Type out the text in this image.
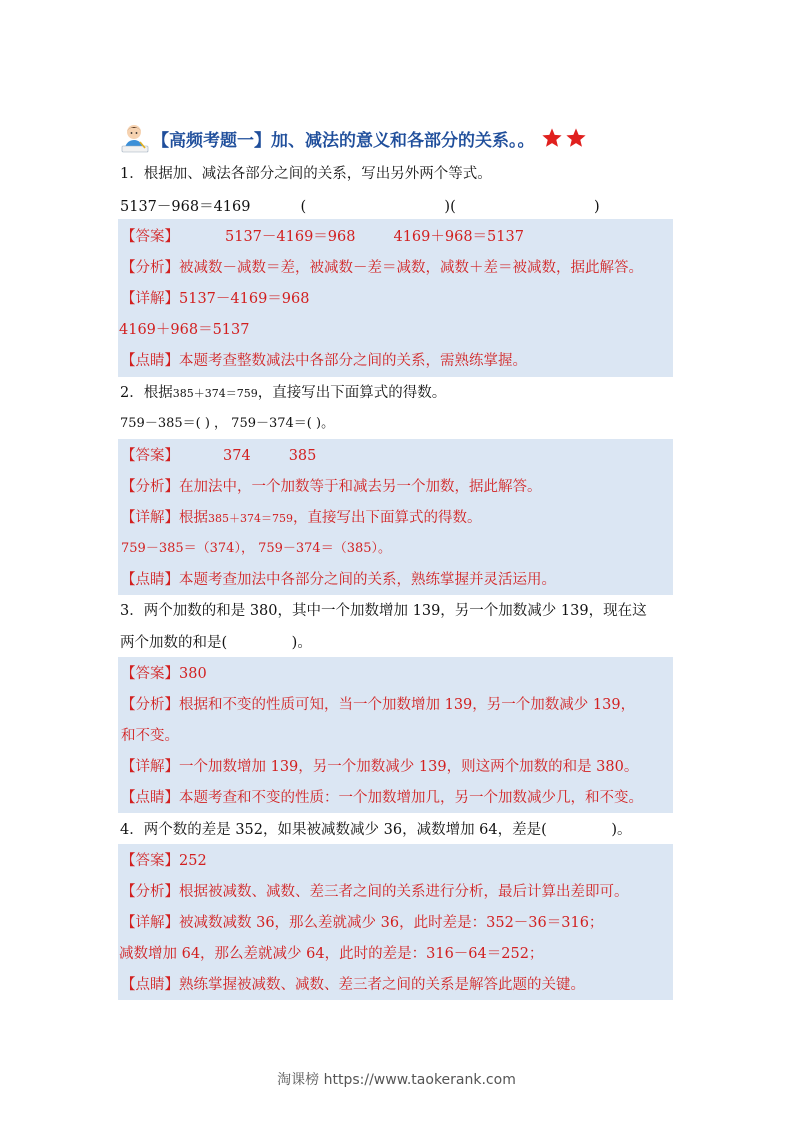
【高频考题一】加、减法的意义和各部分的关系。。
1．根据加、减法各部分之间的关系，写出另外两个等式。
5137－968＝4169	(                              )(                              )
【答案】	5137－4169＝968	4169＋968＝5137
【分析】被减数－减数＝差，被减数－差＝减数，减数＋差＝被减数，据此解答。
【详解】5137－4169＝968
4169＋968＝5137
【点睛】本题考查整数减法中各部分之间的关系，需熟练掌握。
2．根据385＋374＝759，直接写出下面算式的得数。
759－385＝( ) ， 759－374＝( )。
【答案】	374	385
【分析】在加法中，一个加数等于和减去另一个加数，据此解答。
【详解】根据385＋374＝759，直接写出下面算式的得数。
759－385＝（374）， 759－374＝（385）。
【点睛】本题考查加法中各部分之间的关系，熟练掌握并灵活运用。
3．两个加数的和是 380，其中一个加数增加 139，另一个加数减少 139，现在这
两个加数的和是(              )。
【答案】380
【分析】根据和不变的性质可知，当一个加数增加 139，另一个加数减少 139，
和不变。
【详解】一个加数增加 139，另一个加数减少 139，则这两个加数的和是 380。
【点睛】本题考查和不变的性质：一个加数增加几，另一个加数减少几，和不变。
4．两个数的差是 352，如果被减数减少 36，减数增加 64，差是(              )。
【答案】252
【分析】根据被减数、减数、差三者之间的关系进行分析，最后计算出差即可。
【详解】被减数减数 36，那么差就减少 36，此时差是：352－36＝316；
减数增加 64，那么差就减少 64，此时的差是：316－64＝252；
【点睛】熟练掌握被减数、减数、差三者之间的关系是解答此题的关键。
淘课榜 https://www.taokerank.com
